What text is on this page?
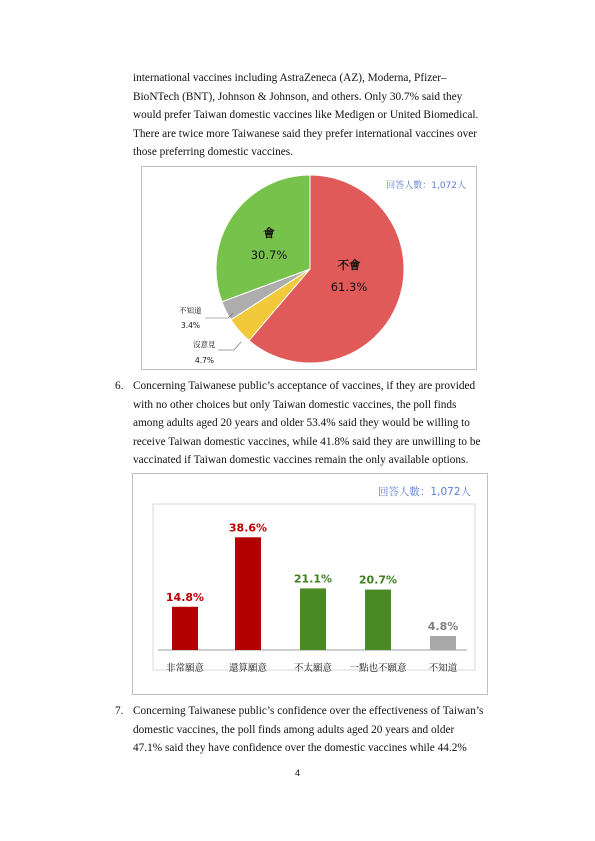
international vaccines including AstraZeneca (AZ), Moderna, Pfizer–
BioNTech (BNT), Johnson & Johnson, and others. Only 30.7% said they
would prefer Taiwan domestic vaccines like Medigen or United Biomedical.
There are twice more Taiwanese said they prefer international vaccines over
those preferring domestic vaccines.
回答人數：1,072人
不會
61.3%
會
30.7%
不知道
3.4%
沒意見
4.7%
6. Concerning Taiwanese public’s acceptance of vaccines, if they are provided
with no other choices but only Taiwan domestic vaccines, the poll finds
among adults aged 20 years and older 53.4% said they would be willing to
receive Taiwan domestic vaccines, while 41.8% said they are unwilling to be
vaccinated if Taiwan domestic vaccines remain the only available options.
回答人數：1,072人
14.8%
非常願意
38.6%
還算願意
21.1%
不太願意
20.7%
一點也不願意
4.8%
不知道
7. Concerning Taiwanese public’s confidence over the effectiveness of Taiwan’s
domestic vaccines, the poll finds among adults aged 20 years and older
47.1% said they have confidence over the domestic vaccines while 44.2%
4
